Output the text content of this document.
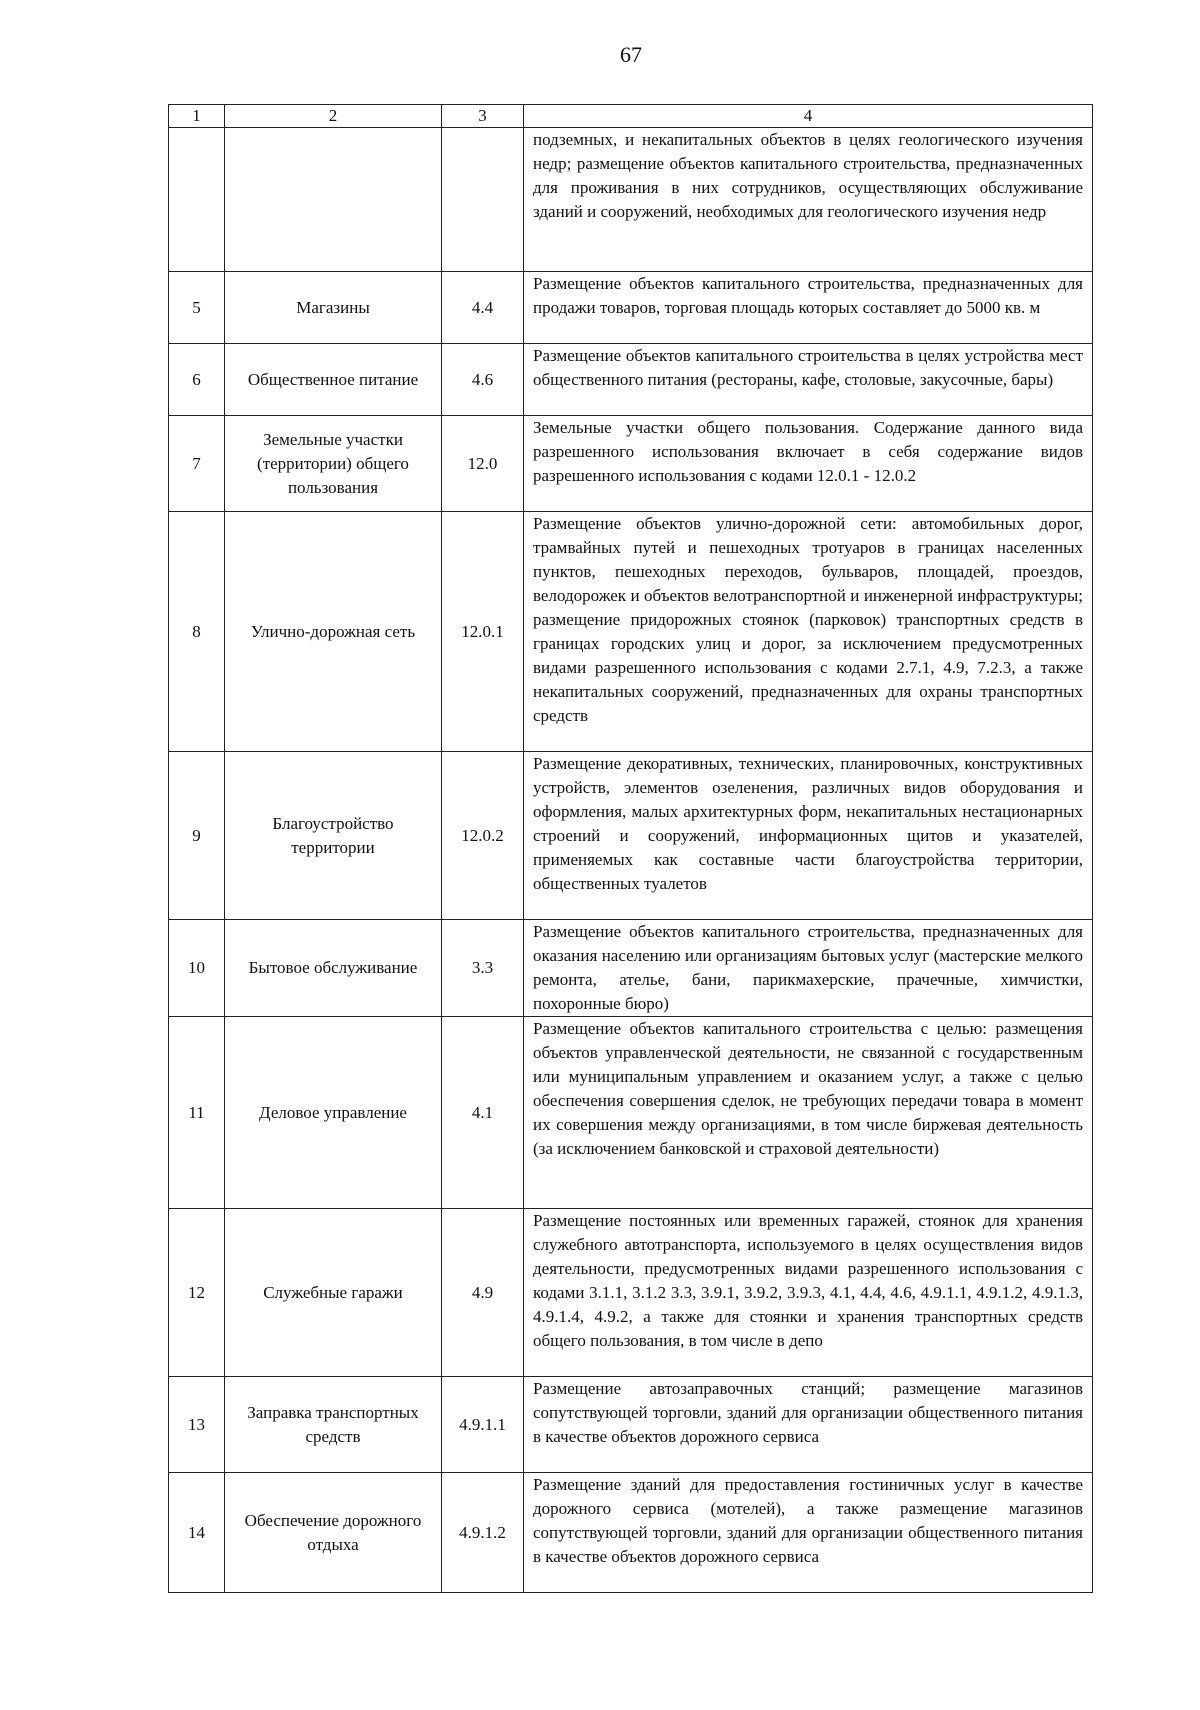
67
1	2	3	4
			подземных, и некапитальных объектов в целях геологического изучения недр; размещение объектов капитального строительства, предназначенных для проживания в них сотрудников, осуществляющих обслуживание зданий и сооружений, необходимых для геологического изучения недр
5	Магазины	4.4	Размещение объектов капитального строительства, предназначенных для продажи товаров, торговая площадь которых составляет до 5000 кв. м
6	Общественное питание	4.6	Размещение объектов капитального строительства в целях устройства мест общественного питания (рестораны, кафе, столовые, закусочные, бары)
7	Земельные участки (территории) общего пользования	12.0	Земельные участки общего пользования. Содержание данного вида разрешенного использования включает в себя содержание видов разрешенного использования с кодами 12.0.1 - 12.0.2
8	Улично-дорожная сеть	12.0.1	Размещение объектов улично-дорожной сети: автомобильных дорог, трамвайных путей и пешеходных тротуаров в границах населенных пунктов, пешеходных переходов, бульваров, площадей, проездов, велодорожек и объектов велотранспортной и инженерной инфраструктуры; размещение придорожных стоянок (парковок) транспортных средств в границах городских улиц и дорог, за исключением предусмотренных видами разрешенного использования с кодами 2.7.1, 4.9, 7.2.3, а также некапитальных сооружений, предназначенных для охраны транспортных средств
9	Благоустройство территории	12.0.2	Размещение декоративных, технических, планировочных, конструктивных устройств, элементов озеленения, различных видов оборудования и оформления, малых архитектурных форм, некапитальных нестационарных строений и сооружений, информационных щитов и указателей, применяемых как составные части благоустройства территории, общественных туалетов
10	Бытовое обслуживание	3.3	Размещение объектов капитального строительства, предназначенных для оказания населению или организациям бытовых услуг (мастерские мелкого ремонта, ателье, бани, парикмахерские, прачечные, химчистки, похоронные бюро)
11	Деловое управление	4.1	Размещение объектов капитального строительства с целью: размещения объектов управленческой деятельности, не связанной с государственным или муниципальным управлением и оказанием услуг, а также с целью обеспечения совершения сделок, не требующих передачи товара в момент их совершения между организациями, в том числе биржевая деятельность (за исключением банковской и страховой деятельности)
12	Служебные гаражи	4.9	Размещение постоянных или временных гаражей, стоянок для хранения служебного автотранспорта, используемого в целях осуществления видов деятельности, предусмотренных видами разрешенного использования с кодами 3.1.1, 3.1.2 3.3, 3.9.1, 3.9.2, 3.9.3, 4.1, 4.4, 4.6, 4.9.1.1, 4.9.1.2, 4.9.1.3, 4.9.1.4, 4.9.2, а также для стоянки и хранения транспортных средств общего пользования, в том числе в депо
13	Заправка транспортных средств	4.9.1.1	Размещение автозаправочных станций; размещение магазинов сопутствующей торговли, зданий для организации общественного питания в качестве объектов дорожного сервиса
14	Обеспечение дорожного отдыха	4.9.1.2	Размещение зданий для предоставления гостиничных услуг в качестве дорожного сервиса (мотелей), а также размещение магазинов сопутствующей торговли, зданий для организации общественного питания в качестве объектов дорожного сервиса
